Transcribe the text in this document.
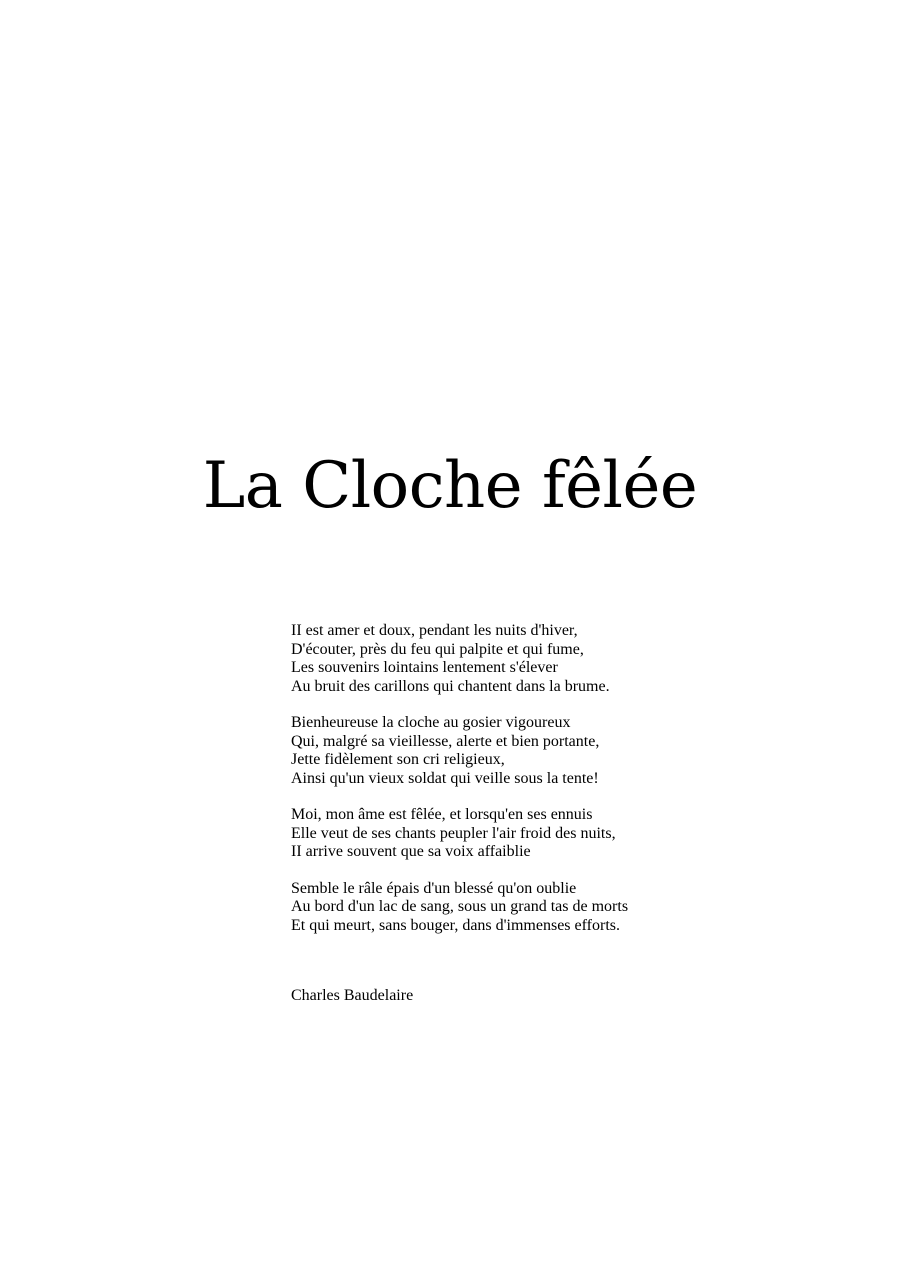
La Cloche fêlée
II est amer et doux, pendant les nuits d'hiver,
D'écouter, près du feu qui palpite et qui fume,
Les souvenirs lointains lentement s'élever
Au bruit des carillons qui chantent dans la brume.
Bienheureuse la cloche au gosier vigoureux
Qui, malgré sa vieillesse, alerte et bien portante,
Jette fidèlement son cri religieux,
Ainsi qu'un vieux soldat qui veille sous la tente!
Moi, mon âme est fêlée, et lorsqu'en ses ennuis
Elle veut de ses chants peupler l'air froid des nuits,
II arrive souvent que sa voix affaiblie
Semble le râle épais d'un blessé qu'on oublie
Au bord d'un lac de sang, sous un grand tas de morts
Et qui meurt, sans bouger, dans d'immenses efforts.
Charles Baudelaire
